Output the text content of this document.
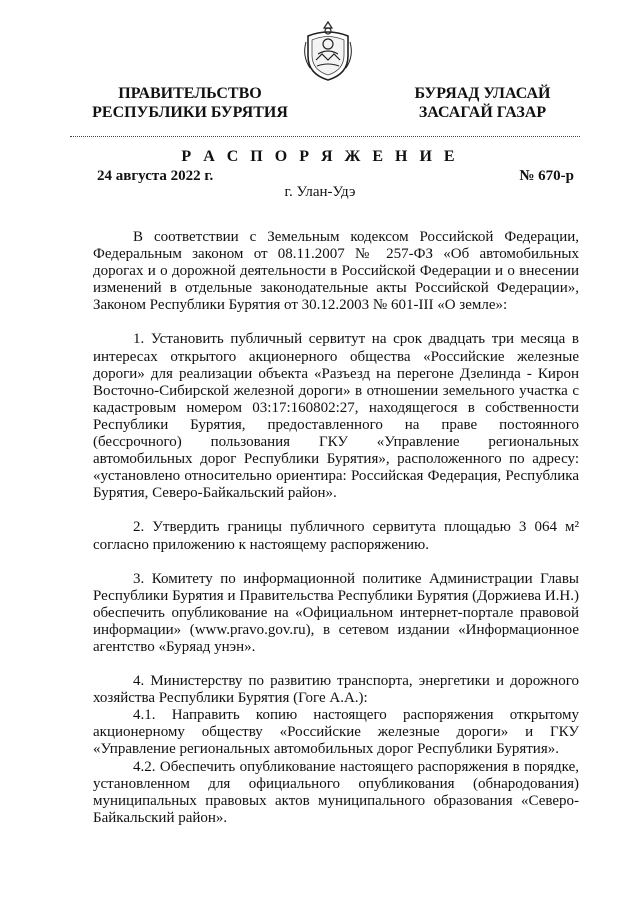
ПРАВИТЕЛЬСТВО
РЕСПУБЛИКИ БУРЯТИЯ
БУРЯАД УЛАСАЙ
ЗАСАГАЙ ГАЗАР
Р А С П О Р Я Ж Е Н И Е
24 августа 2022 г.	№ 670-р
г. Улан-Удэ

В соответствии с Земельным кодексом Российской Федерации, Федеральным законом от 08.11.2007 № 257-ФЗ «Об автомобильных дорогах и о дорожной деятельности в Российской Федерации и о внесении изменений в отдельные законодательные акты Российской Федерации», Законом Республики Бурятия от 30.12.2003 № 601-III «О земле»:

1. Установить публичный сервитут на срок двадцать три месяца в интересах открытого акционерного общества «Российские железные дороги» для реализации объекта «Разъезд на перегоне Дзелинда - Кирон Восточно-Сибирской железной дороги» в отношении земельного участка с кадастровым номером 03:17:160802:27, находящегося в собственности Республики Бурятия, предоставленного на праве постоянного (бессрочного) пользования ГКУ «Управление региональных автомобильных дорог Республики Бурятия», расположенного по адресу: «установлено относительно ориентира: Российская Федерация, Республика Бурятия, Северо-Байкальский район».

2. Утвердить границы публичного сервитута площадью 3 064 м² согласно приложению к настоящему распоряжению.

3. Комитету по информационной политике Администрации Главы Республики Бурятия и Правительства Республики Бурятия (Доржиева И.Н.) обеспечить опубликование на «Официальном интернет-портале правовой информации» (www.pravo.gov.ru), в сетевом издании «Информационное агентство «Буряад унэн».

4. Министерству по развитию транспорта, энергетики и дорожного хозяйства Республики Бурятия (Гоге А.А.):

4.1. Направить копию настоящего распоряжения открытому акционерному обществу «Российские железные дороги» и ГКУ «Управление региональных автомобильных дорог Республики Бурятия».

4.2. Обеспечить опубликование настоящего распоряжения в порядке, установленном для официального опубликования (обнародования) муниципальных правовых актов муниципального образования «Северо-Байкальский район».
